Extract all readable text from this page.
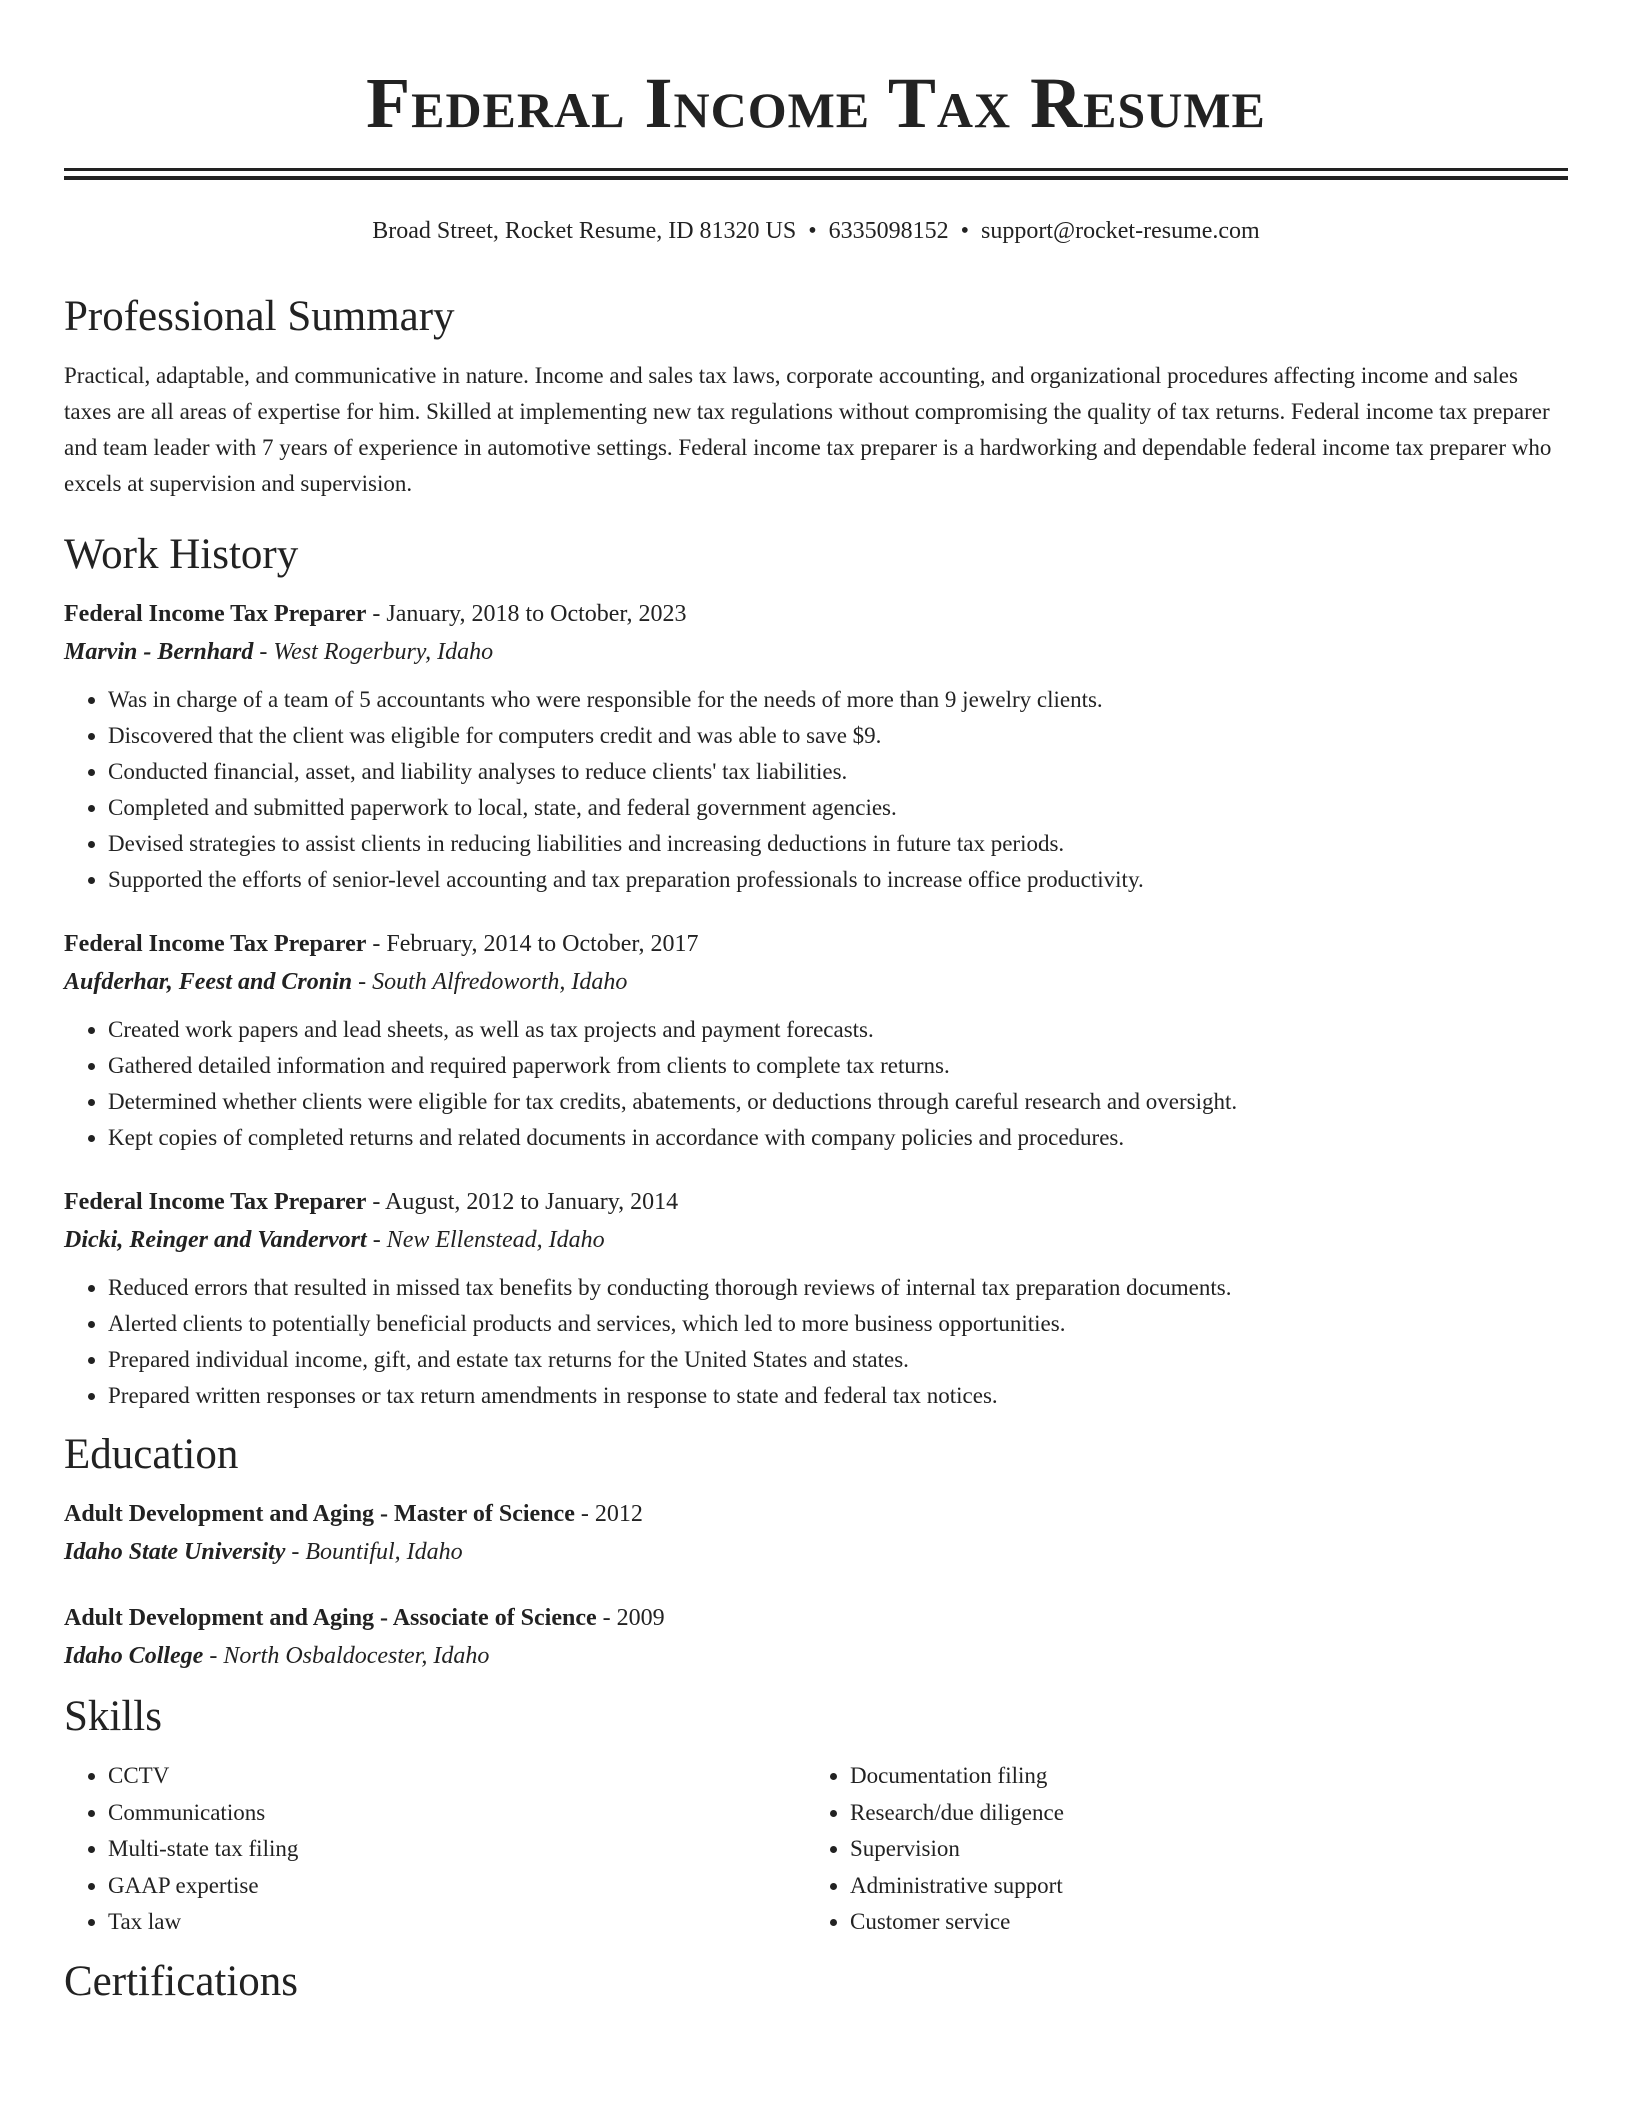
Federal Income Tax Resume
Broad Street, Rocket Resume, ID 81320 US • 6335098152 • support@rocket-resume.com
Professional Summary

Practical, adaptable, and communicative in nature. Income and sales tax laws, corporate accounting, and organizational procedures affecting income and sales taxes are all areas of expertise for him. Skilled at implementing new tax regulations without compromising the quality of tax returns. Federal income tax preparer and team leader with 7 years of experience in automotive settings. Federal income tax preparer is a hardworking and dependable federal income tax preparer who excels at supervision and supervision.

Work History
Federal Income Tax Preparer - January, 2018 to October, 2023
Marvin - Bernhard - West Rogerbury, Idaho
• Was in charge of a team of 5 accountants who were responsible for the needs of more than 9 jewelry clients.
• Discovered that the client was eligible for computers credit and was able to save $9.
• Conducted financial, asset, and liability analyses to reduce clients' tax liabilities.
• Completed and submitted paperwork to local, state, and federal government agencies.
• Devised strategies to assist clients in reducing liabilities and increasing deductions in future tax periods.
• Supported the efforts of senior-level accounting and tax preparation professionals to increase office productivity.
Federal Income Tax Preparer - February, 2014 to October, 2017
Aufderhar, Feest and Cronin - South Alfredoworth, Idaho
• Created work papers and lead sheets, as well as tax projects and payment forecasts.
• Gathered detailed information and required paperwork from clients to complete tax returns.
• Determined whether clients were eligible for tax credits, abatements, or deductions through careful research and oversight.
• Kept copies of completed returns and related documents in accordance with company policies and procedures.
Federal Income Tax Preparer - August, 2012 to January, 2014
Dicki, Reinger and Vandervort - New Ellenstead, Idaho
• Reduced errors that resulted in missed tax benefits by conducting thorough reviews of internal tax preparation documents.
• Alerted clients to potentially beneficial products and services, which led to more business opportunities.
• Prepared individual income, gift, and estate tax returns for the United States and states.
• Prepared written responses or tax return amendments in response to state and federal tax notices.
Education
Adult Development and Aging - Master of Science - 2012
Idaho State University - Bountiful, Idaho
Adult Development and Aging - Associate of Science - 2009
Idaho College - North Osbaldocester, Idaho
Skills
• CCTV
• Communications
• Multi-state tax filing
• GAAP expertise
• Tax law
• Documentation filing
• Research/due diligence
• Supervision
• Administrative support
• Customer service
Certifications
